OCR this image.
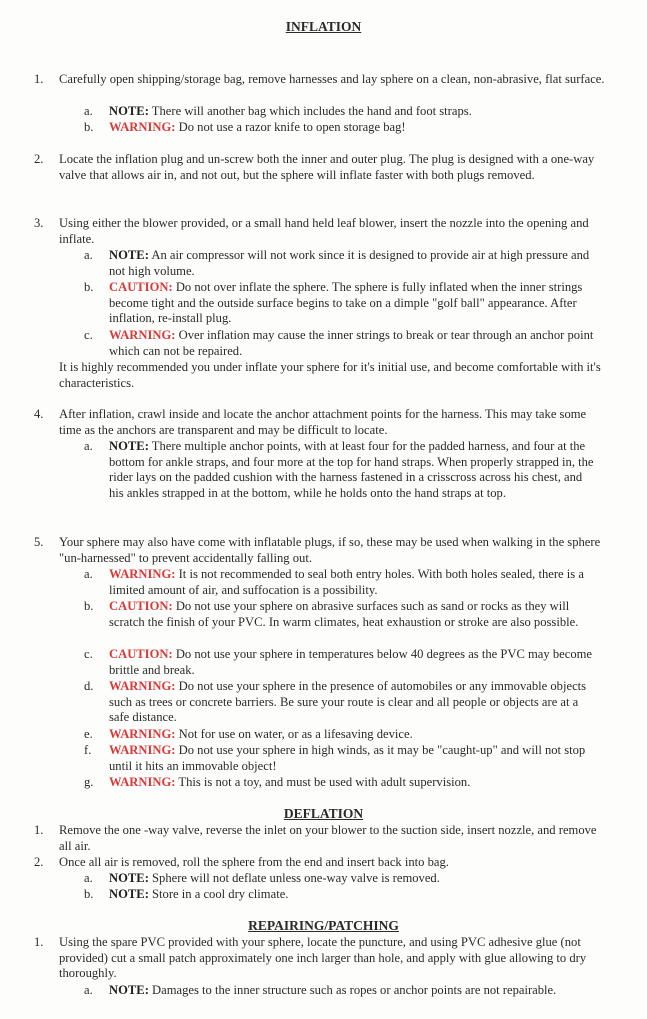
INFLATION
1. Carefully open shipping/storage bag, remove harnesses and lay sphere on a clean, non-abrasive, flat surface.
a. NOTE: There will another bag which includes the hand and foot straps.
b. WARNING: Do not use a razor knife to open storage bag!
2. Locate the inflation plug and un-screw both the inner and outer plug. The plug is designed with a one-way valve that allows air in, and not out, but the sphere will inflate faster with both plugs removed.
3. Using either the blower provided, or a small hand held leaf blower, insert the nozzle into the opening and inflate.
a. NOTE: An air compressor will not work since it is designed to provide air at high pressure and not high volume.
b. CAUTION: Do not over inflate the sphere. The sphere is fully inflated when the inner strings become tight and the outside surface begins to take on a dimple "golf ball" appearance. After inflation, re-install plug.
c. WARNING: Over inflation may cause the inner strings to break or tear through an anchor point which can not be repaired.
It is highly recommended you under inflate your sphere for it's initial use, and become comfortable with it's characteristics.
4. After inflation, crawl inside and locate the anchor attachment points for the harness. This may take some time as the anchors are transparent and may be difficult to locate.
a. NOTE: There multiple anchor points, with at least four for the padded harness, and four at the bottom for ankle straps, and four more at the top for hand straps. When properly strapped in, the rider lays on the padded cushion with the harness fastened in a crisscross across his chest, and his ankles strapped in at the bottom, while he holds onto the hand straps at top.
5. Your sphere may also have come with inflatable plugs, if so, these may be used when walking in the sphere "un-harnessed" to prevent accidentally falling out.
a. WARNING: It is not recommended to seal both entry holes. With both holes sealed, there is a limited amount of air, and suffocation is a possibility.
b. CAUTION: Do not use your sphere on abrasive surfaces such as sand or rocks as they will scratch the finish of your PVC. In warm climates, heat exhaustion or stroke are also possible.
c. CAUTION: Do not use your sphere in temperatures below 40 degrees as the PVC may become brittle and break.
d. WARNING: Do not use your sphere in the presence of automobiles or any immovable objects such as trees or concrete barriers. Be sure your route is clear and all people or objects are at a safe distance.
e. WARNING: Not for use on water, or as a lifesaving device.
f. WARNING: Do not use your sphere in high winds, as it may be "caught-up" and will not stop until it hits an immovable object!
g. WARNING: This is not a toy, and must be used with adult supervision.
DEFLATION
1. Remove the one -way valve, reverse the inlet on your blower to the suction side, insert nozzle, and remove all air.
2. Once all air is removed, roll the sphere from the end and insert back into bag.
a. NOTE: Sphere will not deflate unless one-way valve is removed.
b. NOTE: Store in a cool dry climate.
REPAIRING/PATCHING
1. Using the spare PVC provided with your sphere, locate the puncture, and using PVC adhesive glue (not provided) cut a small patch approximately one inch larger than hole, and apply with glue allowing to dry thoroughly.
a. NOTE: Damages to the inner structure such as ropes or anchor points are not repairable.
